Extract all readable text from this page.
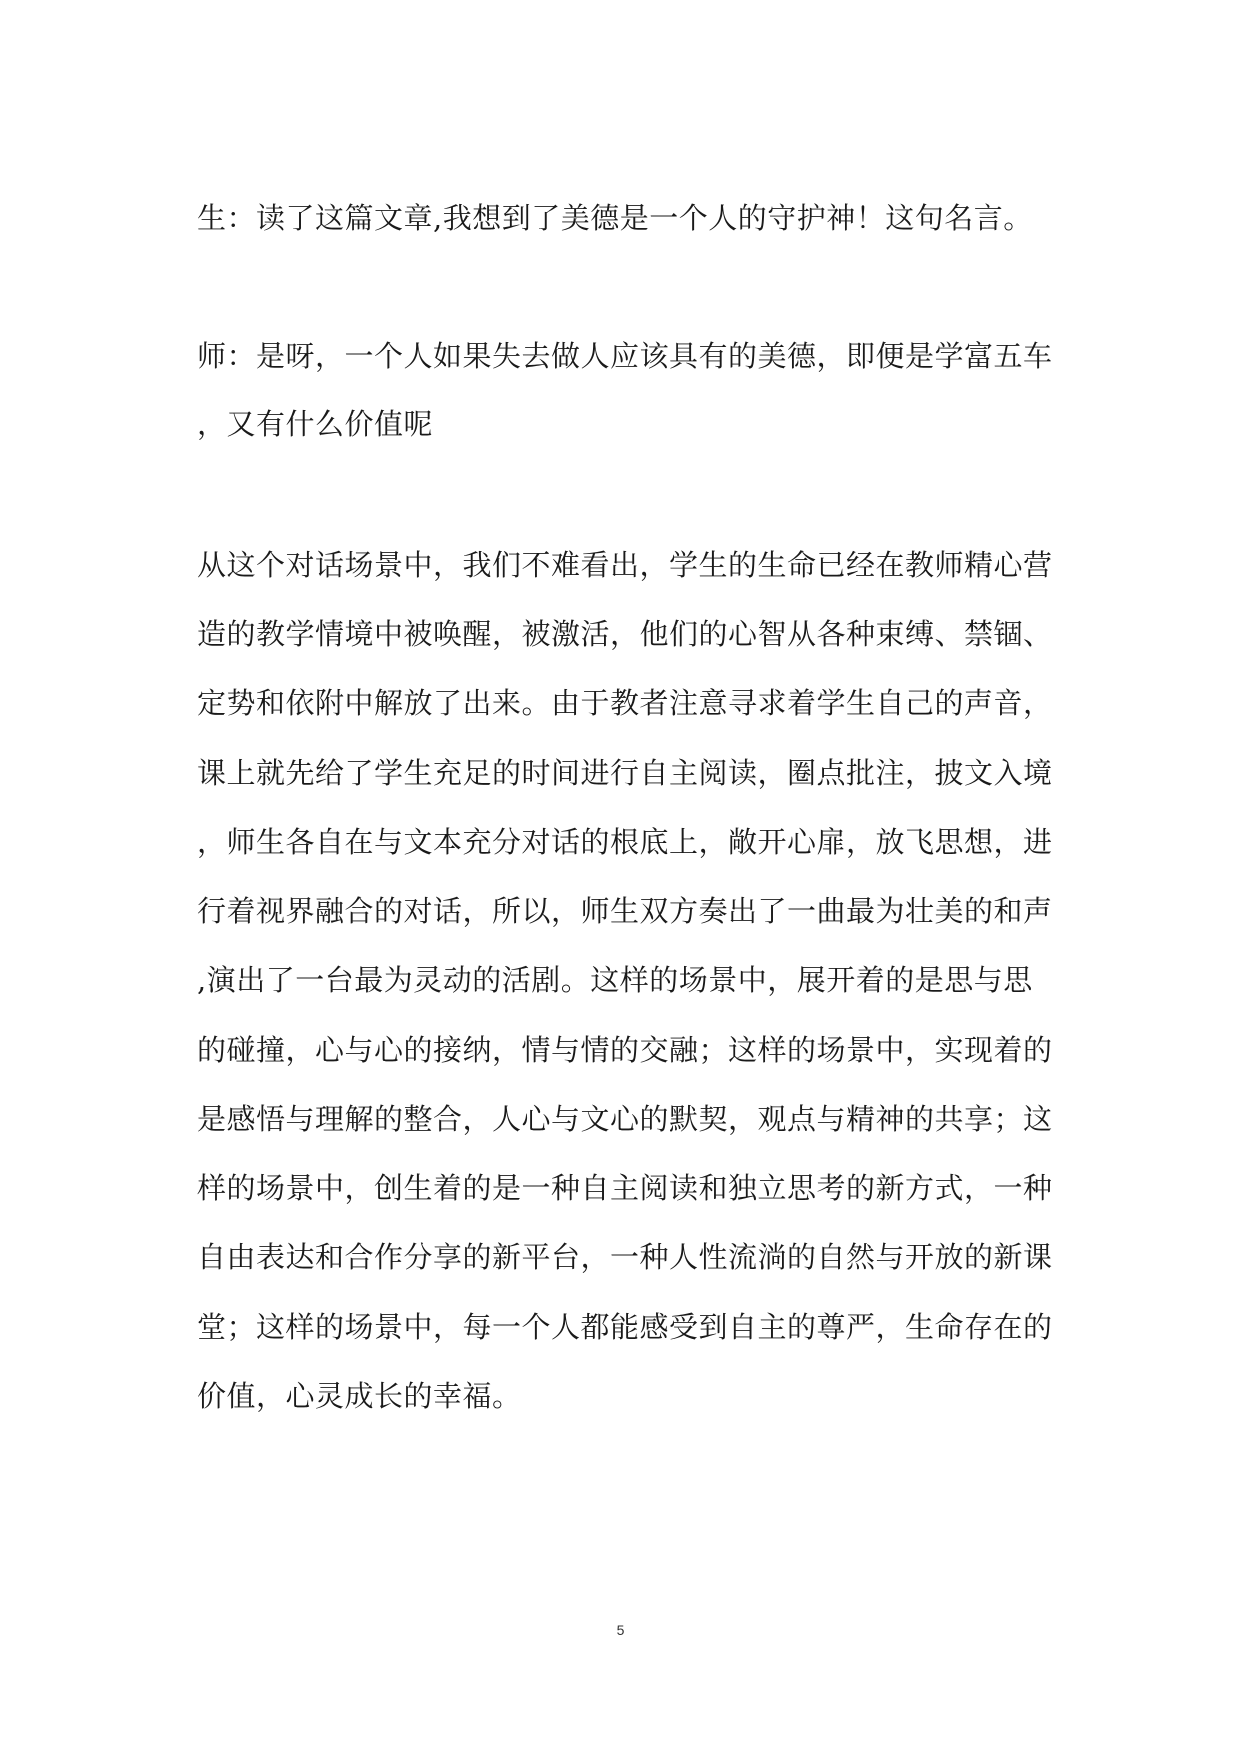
生：读了这篇文章,我想到了美德是一个人的守护神！这句名言。
师：是呀，一个人如果失去做人应该具有的美德，即便是学富五车
，又有什么价值呢
从这个对话场景中，我们不难看出，学生的生命已经在教师精心营
造的教学情境中被唤醒，被激活，他们的心智从各种束缚、禁锢、
定势和依附中解放了出来。由于教者注意寻求着学生自己的声音，
课上就先给了学生充足的时间进行自主阅读，圈点批注，披文入境
，师生各自在与文本充分对话的根底上，敞开心扉，放飞思想，进
行着视界融合的对话，所以，师生双方奏出了一曲最为壮美的和声
,演出了一台最为灵动的活剧。这样的场景中，展开着的是思与思
的碰撞，心与心的接纳，情与情的交融；这样的场景中，实现着的
是感悟与理解的整合，人心与文心的默契，观点与精神的共享；这
样的场景中，创生着的是一种自主阅读和独立思考的新方式，一种
自由表达和合作分享的新平台，一种人性流淌的自然与开放的新课
堂；这样的场景中，每一个人都能感受到自主的尊严，生命存在的
价值，心灵成长的幸福。
5
